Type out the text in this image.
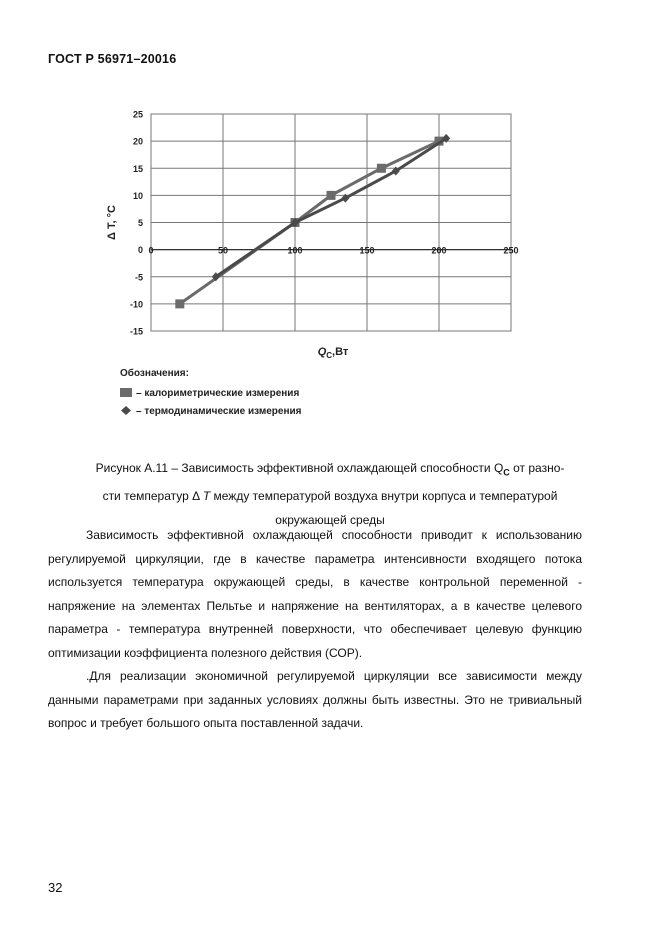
ГОСТ Р 56971–20016
25
20
15
10
5
0
-5
-10
-15
0	50	100	150	200	250
Δ T, °C
$Q_C,Вт$
Обозначения:
– калориметрические измерения
– термодинамические измерения
Рисунок А.11 – Зависимость эффективной охлаждающей способности $Q_С$ от разно-
сти температур Δ Т между температурой воздуха внутри корпуса и температурой
окружающей среды

Зависимость эффективной охлаждающей способности приводит к использованию регулируемой циркуляции, где в качестве параметра интенсивности входящего потока используется температура окружающей среды, в качестве контрольной переменной - напряжение на элементах Пельтье и напряжение на вентиляторах, а в качестве целевого параметра - температура внутренней поверхности, что обеспечивает целевую функцию оптимизации коэффициента полезного действия (СОР).

.Для реализации экономичной регулируемой циркуляции все зависимости между данными параметрами при заданных условиях должны быть известны. Это не тривиальный вопрос и требует большого опыта поставленной задачи.

32
